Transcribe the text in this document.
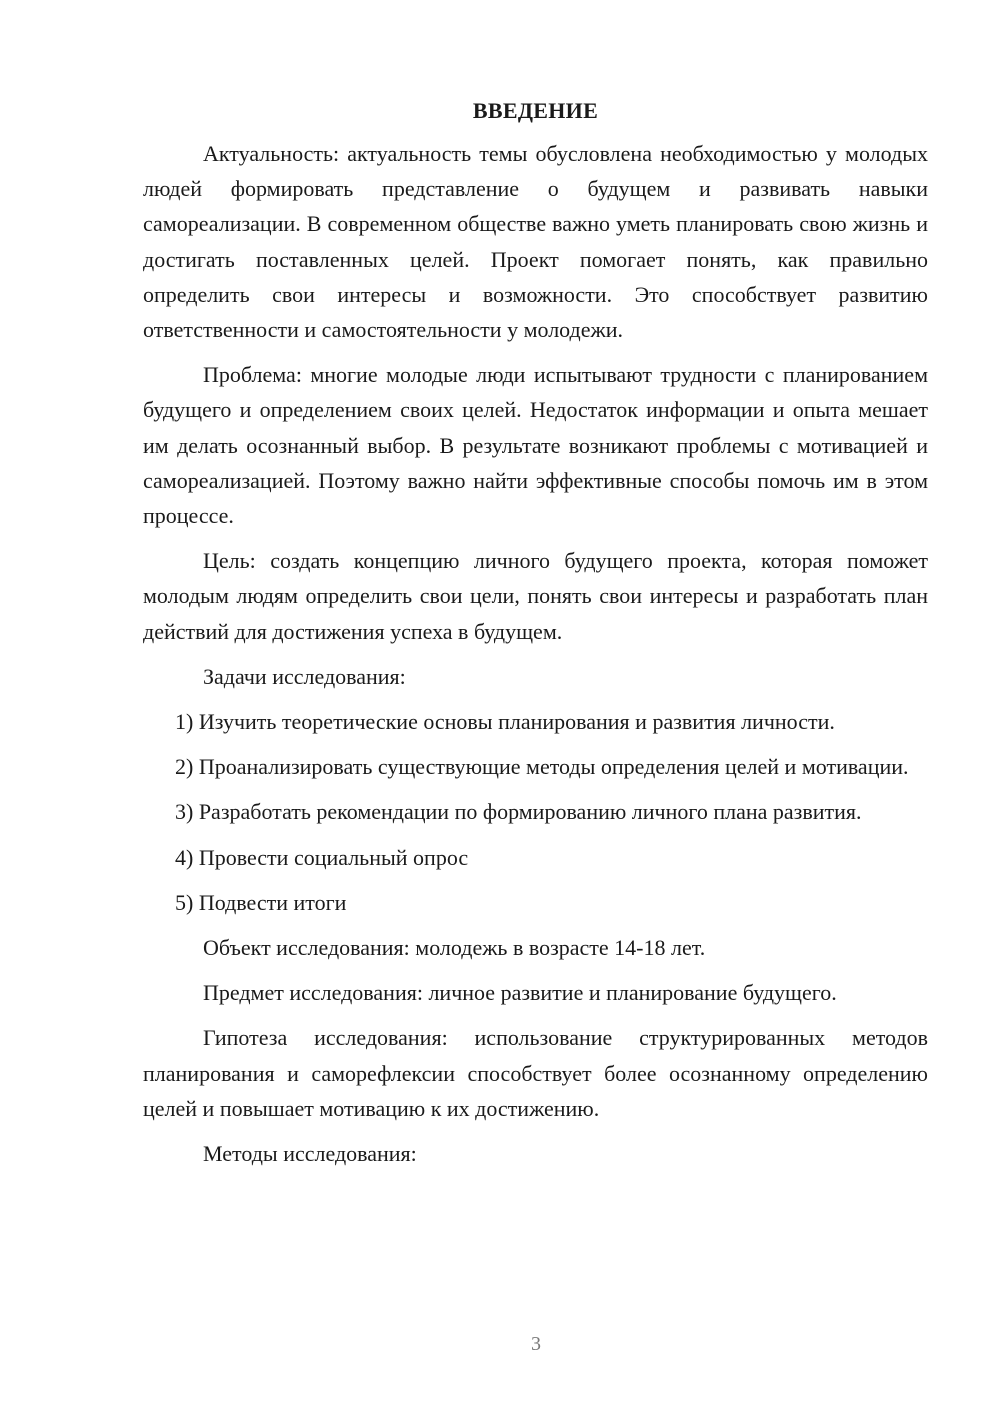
ВВЕДЕНИЕ
Актуальность: актуальность темы обусловлена необходимостью у молодых людей формировать представление о будущем и развивать навыки самореализации. В современном обществе важно уметь планировать свою жизнь и достигать поставленных целей. Проект помогает понять, как правильно определить свои интересы и возможности. Это способствует развитию ответственности и самостоятельности у молодежи.
Проблема: многие молодые люди испытывают трудности с планированием будущего и определением своих целей. Недостаток информации и опыта мешает им делать осознанный выбор. В результате возникают проблемы с мотивацией и самореализацией. Поэтому важно найти эффективные способы помочь им в этом процессе.
Цель: создать концепцию личного будущего проекта, которая поможет молодым людям определить свои цели, понять свои интересы и разработать план действий для достижения успеха в будущем.
Задачи исследования:
1) Изучить теоретические основы планирования и развития личности.
2) Проанализировать существующие методы определения целей и мотивации.
3) Разработать рекомендации по формированию личного плана развития.
4) Провести социальный опрос
5) Подвести итоги
Объект исследования: молодежь в возрасте 14-18 лет.
Предмет исследования: личное развитие и планирование будущего.
Гипотеза исследования: использование структурированных методов планирования и саморефлексии способствует более осознанному определению целей и повышает мотивацию к их достижению.
Методы исследования:
3
